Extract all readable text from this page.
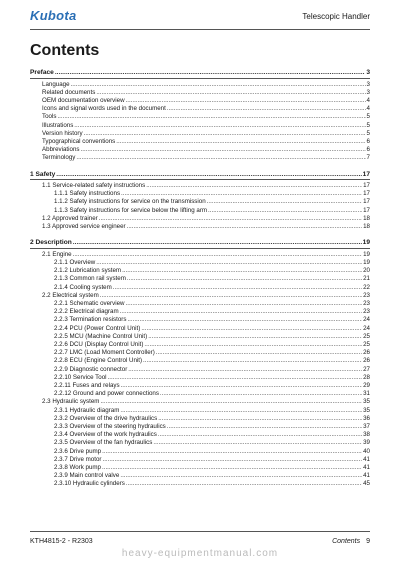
Kubota	Telescopic Handler
Contents
Preface .....	3
Language .....	3
Related documents .....	3
OEM documentation overview .....	4
Icons and signal words used in the document .....	4
Tools .....	5
Illustrations .....	5
Version history .....	5
Typographical conventions .....	6
Abbreviations .....	6
Terminology .....	7
1 Safety .....	17
1.1 Service-related safety instructions .....	17
1.1.1 Safety instructions .....	17
1.1.2 Safety instructions for service on the transmission .....	17
1.1.3 Safety instructions for service below the lifting arm .....	17
1.2 Approved trainer .....	18
1.3 Approved service engineer .....	18
2 Description .....	19
2.1 Engine .....	19
2.1.1 Overview .....	19
2.1.2 Lubrication system .....	20
2.1.3 Common rail system .....	21
2.1.4 Cooling system .....	22
2.2 Electrical system .....	23
2.2.1 Schematic overview .....	23
2.2.2 Electrical diagram .....	23
2.2.3 Termination resistors .....	24
2.2.4 PCU (Power Control Unit) .....	24
2.2.5 MCU (Machine Control Unit) .....	25
2.2.6 DCU (Display Control Unit) .....	25
2.2.7 LMC (Load Moment Controller) .....	26
2.2.8 ECU (Engine Control Unit) .....	26
2.2.9 Diagnostic connector .....	27
2.2.10 Service Tool .....	28
2.2.11 Fuses and relays .....	29
2.2.12 Ground and power connections .....	31
2.3 Hydraulic system .....	35
2.3.1 Hydraulic diagram .....	35
2.3.2 Overview of the drive hydraulics .....	36
2.3.3 Overview of the steering hydraulics .....	37
2.3.4 Overview of the work hydraulics .....	38
2.3.5 Overview of the fan hydraulics .....	39
2.3.6 Drive pump .....	40
2.3.7 Drive motor .....	41
2.3.8 Work pump .....	41
2.3.9 Main control valve .....	41
2.3.10 Hydraulic cylinders .....	45
KTH4815-2 - R2303	Contents 9
heavy-equipmentmanual.com
